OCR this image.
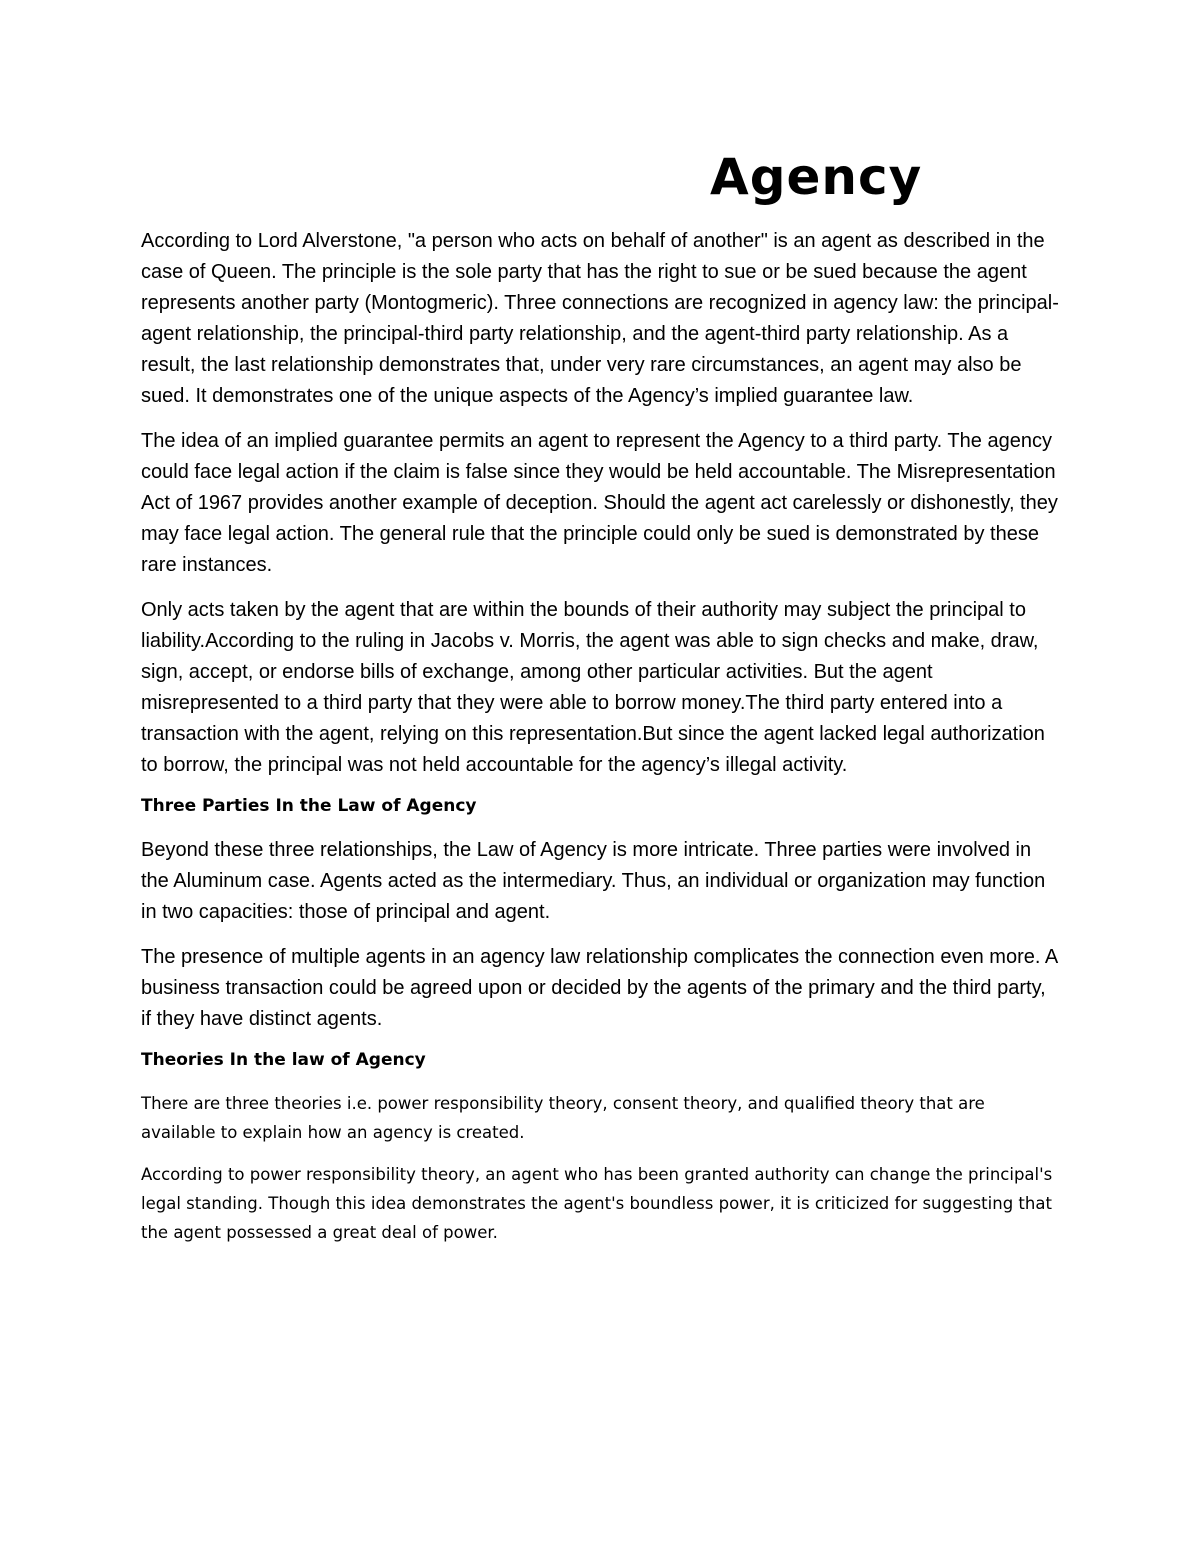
Agency

According to Lord Alverstone, "a person who acts on behalf of another" is an agent as described in the case of Queen. The principle is the sole party that has the right to sue or be sued because the agent represents another party (Montogmeric). Three connections are recognized in agency law: the principal-agent relationship, the principal-third party relationship, and the agent-third party relationship. As a result, the last relationship demonstrates that, under very rare circumstances, an agent may also be sued. It demonstrates one of the unique aspects of the Agency’s implied guarantee law.

The idea of an implied guarantee permits an agent to represent the Agency to a third party. The agency could face legal action if the claim is false since they would be held accountable. The Misrepresentation Act of 1967 provides another example of deception. Should the agent act carelessly or dishonestly, they may face legal action. The general rule that the principle could only be sued is demonstrated by these rare instances.

Only acts taken by the agent that are within the bounds of their authority may subject the principal to liability.According to the ruling in Jacobs v. Morris, the agent was able to sign checks and make, draw, sign, accept, or endorse bills of exchange, among other particular activities. But the agent misrepresented to a third party that they were able to borrow money.The third party entered into a transaction with the agent, relying on this representation.But since the agent lacked legal authorization to borrow, the principal was not held accountable for the agency’s illegal activity.

Three Parties In the Law of Agency

Beyond these three relationships, the Law of Agency is more intricate. Three parties were involved in the Aluminum case. Agents acted as the intermediary. Thus, an individual or organization may function in two capacities: those of principal and agent.

The presence of multiple agents in an agency law relationship complicates the connection even more. A business transaction could be agreed upon or decided by the agents of the primary and the third party, if they have distinct agents.

Theories In the law of Agency

There are three theories i.e. power responsibility theory, consent theory, and qualified theory that are available to explain how an agency is created.

According to power responsibility theory, an agent who has been granted authority can change the principal's legal standing. Though this idea demonstrates the agent's boundless power, it is criticized for suggesting that the agent possessed a great deal of power.
